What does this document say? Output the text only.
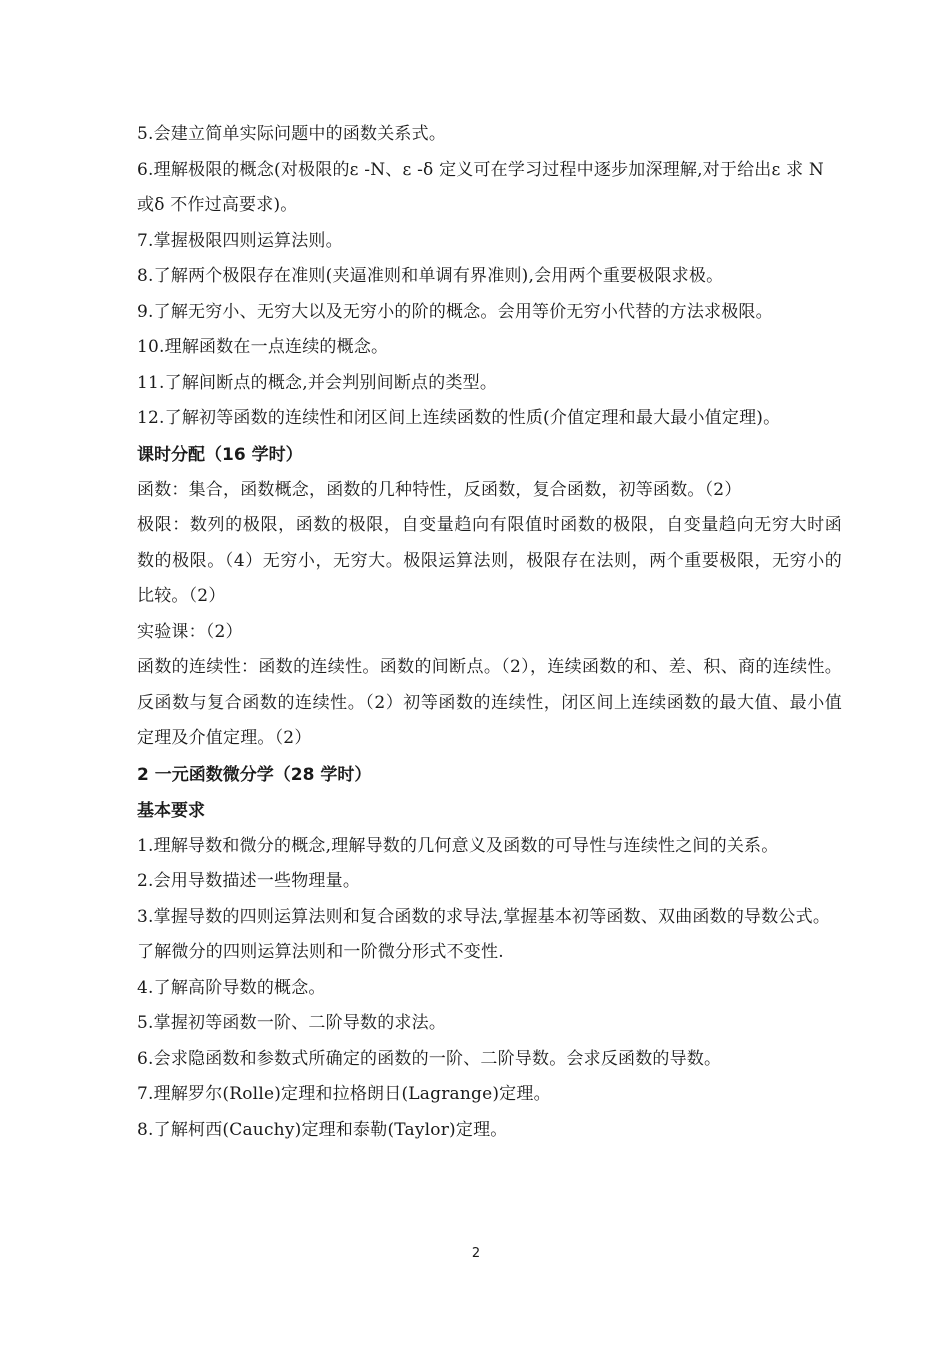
5.会建立简单实际问题中的函数关系式。

6.理解极限的概念(对极限的ε -N、ε -δ 定义可在学习过程中逐步加深理解,对于给出ε 求 N 或δ 不作过高要求)。

7.掌握极限四则运算法则。

8.了解两个极限存在准则(夹逼准则和单调有界准则),会用两个重要极限求极。

9.了解无穷小、无穷大以及无穷小的阶的概念。会用等价无穷小代替的方法求极限。

10.理解函数在一点连续的概念。

11.了解间断点的概念,并会判别间断点的类型。

12.了解初等函数的连续性和闭区间上连续函数的性质(介值定理和最大最小值定理)。

课时分配（16 学时）

函数：集合，函数概念，函数的几种特性，反函数，复合函数，初等函数。（2）

极限：数列的极限，函数的极限，自变量趋向有限值时函数的极限，自变量趋向无穷大时函数的极限。（4）无穷小，无穷大。极限运算法则，极限存在法则，两个重要极限，无穷小的比较。（2）

实验课：（2）

函数的连续性：函数的连续性。函数的间断点。（2），连续函数的和、差、积、商的连续性。反函数与复合函数的连续性。（2）初等函数的连续性，闭区间上连续函数的最大值、最小值定理及介值定理。（2）

2 一元函数微分学（28 学时）

基本要求

1.理解导数和微分的概念,理解导数的几何意义及函数的可导性与连续性之间的关系。

2.会用导数描述一些物理量。

3.掌握导数的四则运算法则和复合函数的求导法,掌握基本初等函数、双曲函数的导数公式。了解微分的四则运算法则和一阶微分形式不变性.

4.了解高阶导数的概念。

5.掌握初等函数一阶、二阶导数的求法。

6.会求隐函数和参数式所确定的函数的一阶、二阶导数。会求反函数的导数。

7.理解罗尔(Rolle)定理和拉格朗日(Lagrange)定理。

8.了解柯西(Cauchy)定理和泰勒(Taylor)定理。

2
